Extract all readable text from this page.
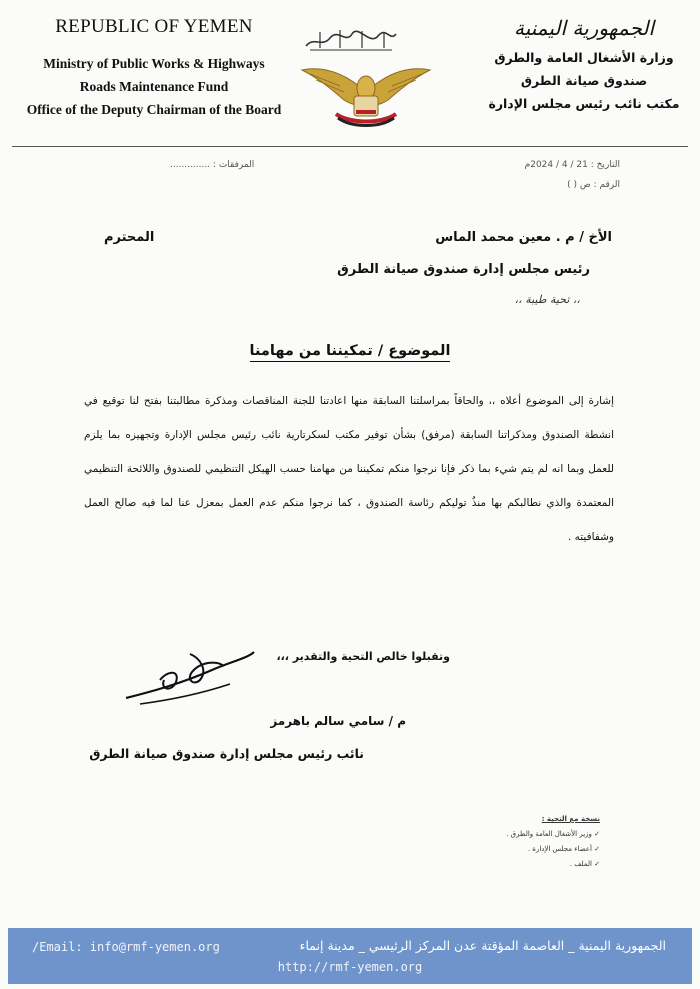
REPUBLIC OF YEMEN
Ministry of Public Works & Highways
Roads Maintenance Fund
Office of the Deputy Chairman of the Board
الجمهورية اليمنية
وزارة الأشغال العامة والطرق
صندوق صيانة الطرق
مكتب نائب رئيس مجلس الإدارة
التاريخ : 21 / 4 / 2024م
الرقم : ص ( )
المرفقات : ..............
الأخ / م . معين محمد الماس
المحترم
رئيس مجلس إدارة صندوق صيانة الطرق
،، تحية طيبة ،،
الموضوع / تمكيننا من مهامنا
إشارة إلى الموضوع أعلاه ،، والحاقاً بمراسلتنا السابقة منها اعادتنا للجنة المناقصات ومذكرة مطالبتنا بفتح لنا توقيع في انشطة الصندوق ومذكراتنا السابقة (مرفق) بشأن توفير مكتب لسكرتارية نائب رئيس مجلس الإدارة وتجهيزه بما يلزم للعمل وبما انه لم يتم شيء بما ذكر فإنا نرجوا منكم تمكيننا من مهامنا حسب الهيكل التنظيمي للصندوق واللائحة التنظيمي المعتمدة والذي نطالبكم بها منذُ توليكم رئاسة الصندوق ، كما نرجوا منكم عدم العمل بمعزل عنا لما فيه صالح العمل وشفافيته .
وتقبلوا خالص التحية والتقدير ،،،
م / سامي سالم باهرمز
نائب رئيس مجلس إدارة صندوق صيانة الطرق
نسخة مع التحية :
✓ وزير الأشغال العامة والطرق .
✓ أعضاء مجلس الإدارة .
✓ الملف .
الجمهورية اليمنية _ العاصمة المؤقتة عدن المركز الرئيسي _ مدينة إنماء
/Email: info@rmf-yemen.org
http://rmf-yemen.org
